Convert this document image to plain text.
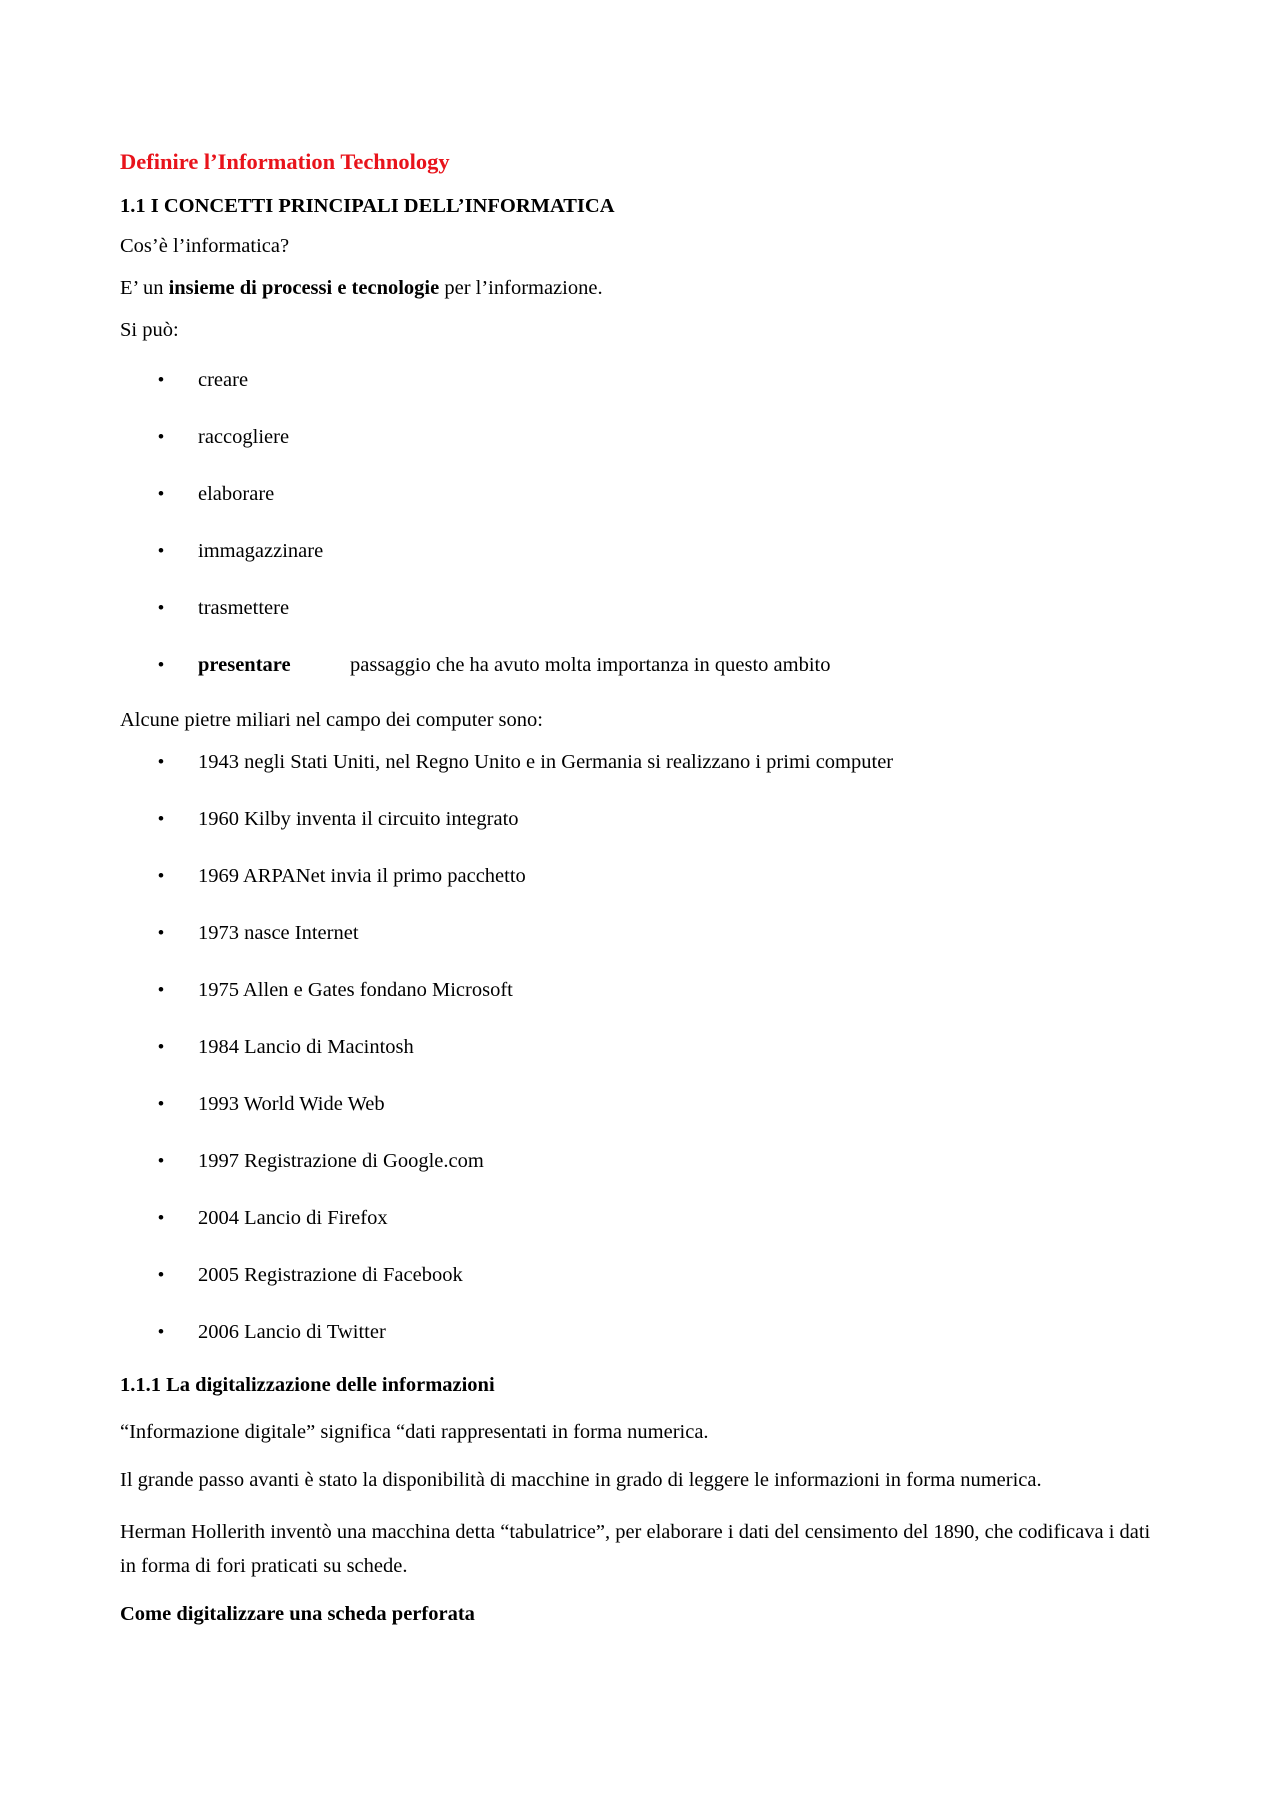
Definire l’Information Technology
1.1 I CONCETTI PRINCIPALI DELL’INFORMATICA

Cos’è l’informatica?

E’ un insieme di processi e tecnologie per l’informazione.

Si può:

• creare
• raccogliere
• elaborare
• immagazzinare
• trasmettere
• presentare	passaggio che ha avuto molta importanza in questo ambito

Alcune pietre miliari nel campo dei computer sono:

• 1943 negli Stati Uniti, nel Regno Unito e in Germania si realizzano i primi computer
• 1960 Kilby inventa il circuito integrato
• 1969 ARPANet invia il primo pacchetto
• 1973 nasce Internet
• 1975 Allen e Gates fondano Microsoft
• 1984 Lancio di Macintosh
• 1993 World Wide Web
• 1997 Registrazione di Google.com
• 2004 Lancio di Firefox
• 2005 Registrazione di Facebook
• 2006 Lancio di Twitter

1.1.1 La digitalizzazione delle informazioni

“Informazione digitale” significa “dati rappresentati in forma numerica.

Il grande passo avanti è stato la disponibilità di macchine in grado di leggere le informazioni in forma numerica.

Herman Hollerith inventò una macchina detta “tabulatrice”, per elaborare i dati del censimento del 1890, che codificava i dati in forma di fori praticati su schede.

Come digitalizzare una scheda perforata
